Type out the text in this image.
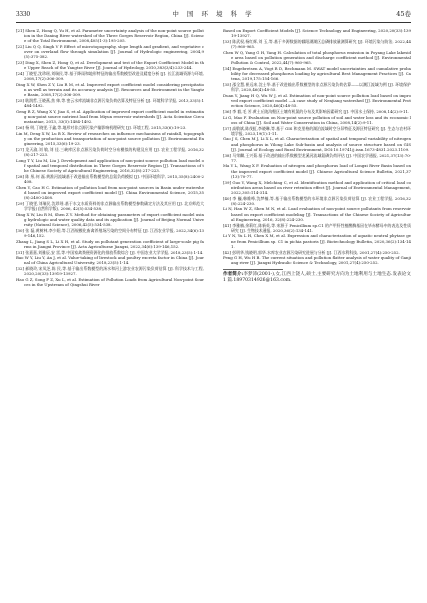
3330	中 国 环 境 科 学	45卷

[21] Shen Z, Hong Q, Yu H, et al. Parameter uncertainty analysis of the non-point source pollution in the Daning River watershed of the Three Gorges Reservoir Region, China [J]. Science of the Total Environment, 2008,405(1-3):195-205.

[22] Liu Q Q, Singh V P. Effect of microtopography, slope length and gradient, and vegetative cover on overland flow through simulation [J]. Journal of Hydrologic engineering, 2004,9(5):375-382.

[23] Ding X, Shen Z, Hong Q, et al. Development and test of the Export Coefficient Model in the Upper Reach of the Yangtze River [J]. Journal of Hydrology, 2010,383(3/4):233-244.

[24] 丁晓雯,沈珍瑶,刘瑞民,等.基于降雨和地形特征的输出系数模型改进及精度分析 [J]. 长江流域资源与环境, 2008,17(2):306-309.

Ding X W, Shen Z Y, Liu R M, et al. Improved export coefficient model considering precipitation as well as terrain and its accuracy analysis [J]. Resources and Environment in the Yangtze Basin, 2008,17(2):306-309.

[25] 耿润哲,王晓燕,焦 帅,等.密云水库流域非点源污染负荷估算及特征分析 [J]. 环境科学学报, 2013,33(5):1484-1492.

Geng R Z, Wang X Y, Jiao S, et al. Application of improved export coefficient model in estimating non-point source nutrient load from Miyun reservoir watersheds [J]. Acta Scientiae Circumstantiae, 2013, 33(5):1484-1492.

[26] 杨 明,丁晓雯,于鑫,等.地形对非点源污染产输影响机理研究 [J]. 环境工程, 2015,33(6):19-23.

Lin M, Deng X W, Lu B X. Review of researches on influence mechanisms of rainfall, topography on the production and transportation of non-point source pollution [J]. Environmental Engineering, 2015,33(6):19-23.

[27] 龙天渝,刘 敏,刘 佳.三峡库区非点源污染负荷时空分布模拟的构建及应用 [J]. 农业工程学报, 2016,32(8):217-223.

Long T Y, Liu M, Liu J. Development and application of non-point source pollution load model of spatial and temporal distribution in Three Gorges Reservoir Region [J]. Transactions of the Chinese Society of Agricultural Engineering, 2016,32(8):217-223.

[28] 陈 彤,何 磊.黄淮河流域基于改进输出系数模型的总氮负荷模拟 [J]. 中国环境科学, 2015,35(8):2400-2408.

Chen Y, Cao H C. Estimation of pollution load from non-point sources in Basin under watershed based on improved export coefficient model [J]. China Environmental Science, 2015,35(8):2400-2408.

[29] 丁晓雯,刘瑞民,沈珍瑶.基于水文水质资料的非点源输出系数模型参数确定方法及其应用 [J]. 北京师范大学学报(自然科学版), 2006, 42(5):534-538.

Ding X W, Liu R M, Shen Z Y. Method for obtaining parameters of export coefficient model using hydrologic and water quality data and its application [J]. Journal of Beijing Normal University (Natural Science), 2006,42(5):534-538.

[30] 张 磊,黄树林,李少阳,等.江西规模化畜禽养殖场污染的空间分布特征 [J]. 江西农业学报, 2022,34(6):139-146,152.

Zhang L, Jiang S L, Li X H, et al. Study on pollutant generation coefficient of large-scale pig farms in Jiangxi Province [J]. Acta Agriculturae Jiangxi, 2022,34(6):139-146,152.

[31] 张嘉嘉,刘雅辰,安 雷,等.中国家禽粪便资源化的排放系数综合 [J]. 中国农业大学学报, 2018,23(5):1-14.

Bao W Y, Liu Y, An J, et al. Value-taking of livestock and poultry excreta factor in China [J]. Journal of China Agricultural University, 2018,23(5):1-14.

[32] 郝晓玲,宋凤芝,陈 民,等.基于输出系数模型的汤水和河上游农业农源污染负荷估算 [J]. 科学技术与工程, 2020,20(33):13919-13927.

Hao G Z, Song F Z, Xu L, et al. Estimation of Pollution Loads from Agricultural Non-point Sources in the Upstream of Qingshui River

Based on Export Coefficient Models [J]. Science Technology and Engineering, 2020,20(33):13919-13927.

[33] 陈武权,杨红辉,刘 玉,等.基于多源数据的鄱阳湖湖区总磷排放量测算研究 [J]. 环境污染与防治, 2022,44(7):960-965.

Chen W Q, Yang G H, Yang H. Calculation of total phosphorus emission in Poyang Lake lakeside area based on pollution generation and discharge coefficient method [J]. Environmental Pollution & Control, 2022,44(7):960-965.

[34] Engebretsen A, Vogt R D, Bechmann M. SWAT model uncertainties and cumulative probability for decreased phosphorus loading by agricultural Best Management Practices [J]. Catena, 2019,175:154-166.

[35] 邵全慧,崔远来,沈士华.基于改进输出系数模型的非点源污染负荷估算——以潮江流域为例 [J]. 环境保护科学, 2020,46(4):48-55.

Duan Y, Jiang H Q, Wu W J, et al. Estimation of non-point source pollution load based on improved export coefficient model —A case study of Nenjiang watershed [J]. Environmental Protection Science, 2020,46(4):48-55.

[36] 李 毅,毛 芳.黄土丘陵沟壑区土壤有机氮的分布及其影响因素研究 [J]. 中国水土保持, 2008,14(2):9-11.

Li G, Mao F. Evaluation on Non-point source pollution of soil and water loss and its economic loss of China [J]. Soil and Water Conservation in China, 2008,14(2):9-11.

[37] 高敬斌,陈茂虹,李晓琳,等.基于 GIS 和克里格的湖泊流域时空分异特征及源区特征研究 [J]. 生态与农村环境学报, 2023,19(1):1-11.

Gao J S, Chen M J, Li X L, et al. Characterization of spatial and temporal variability of nitrogen and phosphorus in Yilong Lake Sub-basin and analysis of source structure based on GIS [J]. Journal of Ecology and Rural Environment, DOI:10.19741/j.issn.1673-4831.2023.1109.

[38] 马荣麟,王兴菊.基于改进的输出系数模型龙溪河流域氮磷负荷评估 [J]. 中国农学通报, 2021,37(13):70-77.

Ma Y L, Wang X F. Evaluation of nitrogen and phosphorus load of Longxi River Basin based on the improved export coefficient model [J]. Chinese Agricultural Science Bulletin, 2021,37(13):70-77.

[39] Guo Y, Wang X, Melching C, et al. Identification method and application of critical load contribution areas based on river retention effect [J]. Journal of Environmental Management, 2022,305:114-314.

[40] 李 巍,韩维峥,沈梦楠,等.基于输出系数模型的水环境非点源污染负荷估算 [J]. 农业工程学报, 2016,32(8):224-230.

Li N, Han W Z, Shen M N, et al. Load evaluation of non-point source pollutants from reservoir based on export coefficient modeling [J]. Transactions of the Chinese Society of Agricultural Engineering, 2016, 32(8):224-230.

[41] 李雅楠,余莉红,陈新英,等.来源于 Penicillium sp.C1 的产甲肝性植酸酶基因在毕赤酵母中的表达及性质研究 [J]. 生物技术通报, 2020,36(2):134-141.

Li Y N, Yu L H, Chen X M, et al. Expression and characterization of aquatic neutral phytase gene from Penicillium sp. C1 in pichia pastoris [J]. Biotechnology Bulletin, 2020,36(2):134-141.

[42] 彭明华,钱晓明,郭华.水库农业农源污染研究进展与分析 [J]. 江西水利科技, 2001,27(4):250-252.

Peng G H, Wu H B. The current situation and pollution flatter analysis of water quality of Ganjiang river [J]. Jiangxi Hydraulic Science & Technology, 2001,27(4):250-252.

作者简介:李梦沛(2001-),女,江西上饶人,硕士,主要研究方向为土地利用与土地生态.发表论文 1 篇.18970314926@163.com.
